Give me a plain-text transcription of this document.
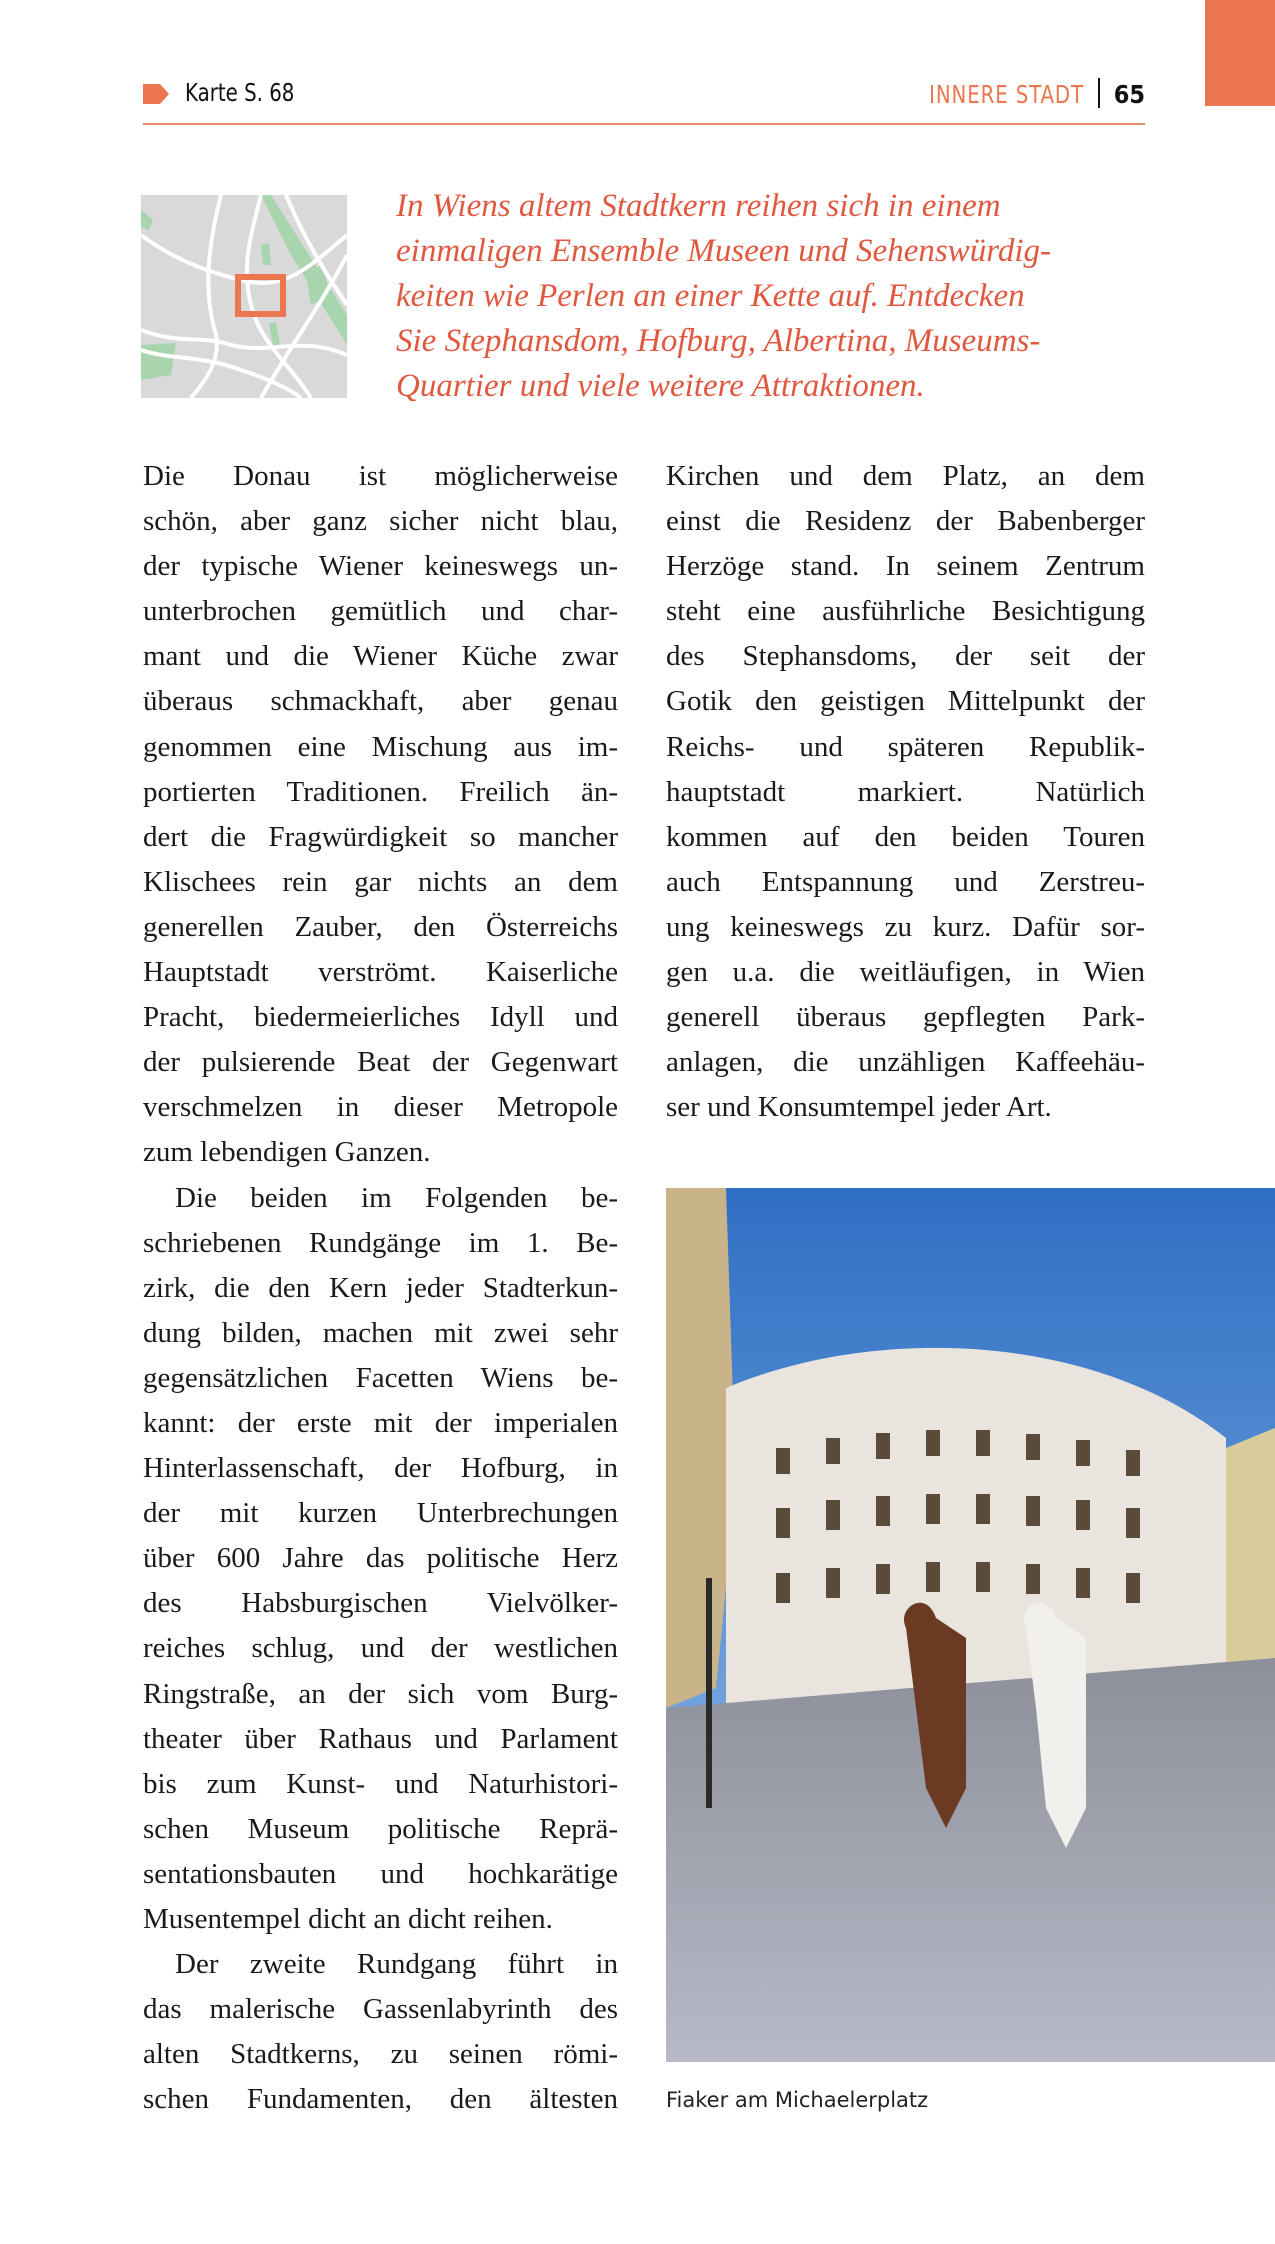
Karte S. 68	INNERE STADT 65
In Wiens altem Stadtkern reihen sich in einem
einmaligen Ensemble Museen und Sehenswürdig-
keiten wie Perlen an einer Kette auf. Entdecken
Sie Stephansdom, Hofburg, Albertina, Museums-
Quartier und viele weitere Attraktionen.
Die Donau ist möglicherweise
schön, aber ganz sicher nicht blau,
der typische Wiener keineswegs un-
unterbrochen gemütlich und char-
mant und die Wiener Küche zwar
überaus schmackhaft, aber genau
genommen eine Mischung aus im-
portierten Traditionen. Freilich än-
dert die Fragwürdigkeit so mancher
Klischees rein gar nichts an dem
generellen Zauber, den Österreichs
Hauptstadt verströmt. Kaiserliche
Pracht, biedermeierliches Idyll und
der pulsierende Beat der Gegenwart
verschmelzen in dieser Metropole
zum lebendigen Ganzen.
Die beiden im Folgenden be-
schriebenen Rundgänge im 1. Be-
zirk, die den Kern jeder Stadterkun-
dung bilden, machen mit zwei sehr
gegensätzlichen Facetten Wiens be-
kannt: der erste mit der imperialen
Hinterlassenschaft, der Hofburg, in
der mit kurzen Unterbrechungen
über 600 Jahre das politische Herz
des Habsburgischen Vielvölker-
reiches schlug, und der westlichen
Ringstraße, an der sich vom Burg-
theater über Rathaus und Parlament
bis zum Kunst- und Naturhistori-
schen Museum politische Reprä-
sentationsbauten und hochkarätige
Musentempel dicht an dicht reihen.
Der zweite Rundgang führt in
das malerische Gassenlabyrinth des
alten Stadtkerns, zu seinen römi-
schen Fundamenten, den ältesten
Kirchen und dem Platz, an dem
einst die Residenz der Babenberger
Herzöge stand. In seinem Zentrum
steht eine ausführliche Besichtigung
des Stephansdoms, der seit der
Gotik den geistigen Mittelpunkt der
Reichs- und späteren Republik-
hauptstadt markiert. Natürlich
kommen auf den beiden Touren
auch Entspannung und Zerstreu-
ung keineswegs zu kurz. Dafür sor-
gen u.a. die weitläufigen, in Wien
generell überaus gepflegten Park-
anlagen, die unzähligen Kaffeehäu-
ser und Konsumtempel jeder Art.
Fiaker am Michaelerplatz
